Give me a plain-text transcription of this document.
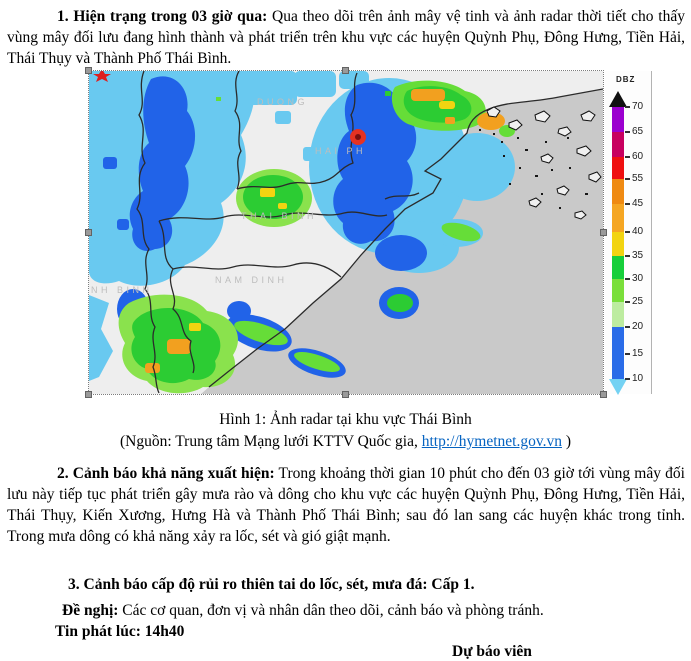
1. Hiện trạng trong 03 giờ qua: Qua theo dõi trên ảnh mây vệ tinh và ảnh radar thời tiết cho thấy vùng mây đối lưu đang hình thành và phát triển trên khu vực các huyện Quỳnh Phụ, Đông Hưng, Tiền Hải, Thái Thụy và Thành Phố Thái Bình.
DUONG
HAI PH
THAI BINH
NAM DINH
NH BINH
DBZ
70
65
60
55
45
40
35
30
25
20
15
10
Hình 1: Ảnh radar tại khu vực Thái Bình
(Nguồn: Trung tâm Mạng lưới KTTV Quốc gia, http://hymetnet.gov.vn )
2. Cảnh báo khả năng xuất hiện: Trong khoảng thời gian 10 phút cho đến 03 giờ tới vùng mây đối lưu này tiếp tục phát triển gây mưa rào và dông cho khu vực các huyện Quỳnh Phụ, Đông Hưng, Tiền Hải, Thái Thụy, Kiến Xương, Hưng Hà và Thành Phố Thái Bình; sau đó lan sang các huyện khác trong tỉnh. Trong mưa dông có khả năng xảy ra lốc, sét và gió giật mạnh.
3. Cảnh báo cấp độ rủi ro thiên tai do lốc, sét, mưa đá: Cấp 1.
Đề nghị: Các cơ quan, đơn vị và nhân dân theo dõi, cảnh báo và phòng tránh.
Tin phát lúc: 14h40
Dự báo viên
